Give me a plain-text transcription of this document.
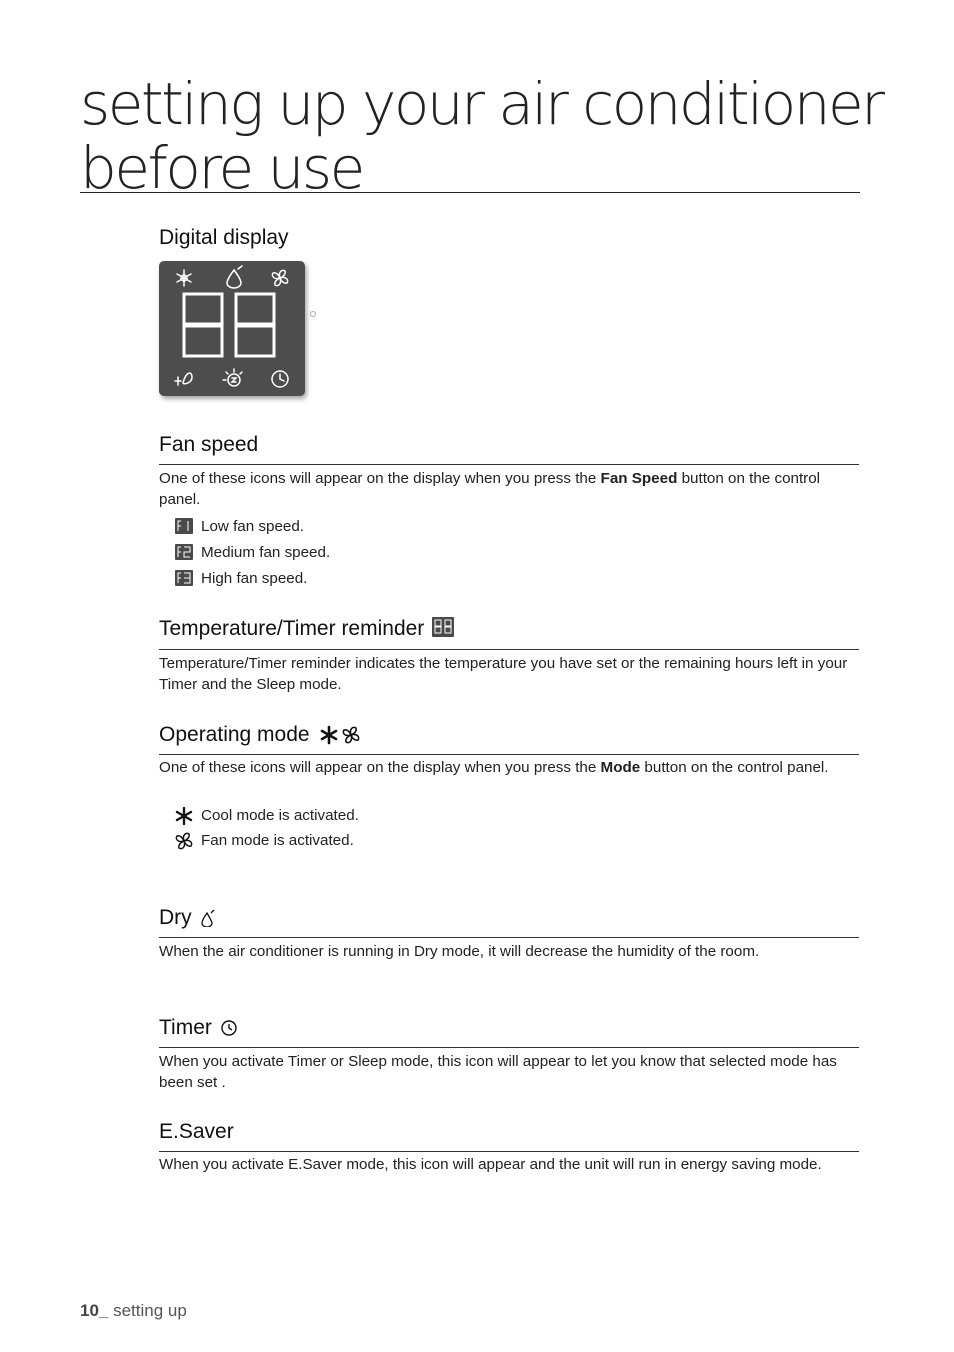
setting up your air conditioner
before use
Digital display
Fan speed
One of these icons will appear on the display when you press the Fan Speed button on the control panel.
Low fan speed.
Medium fan speed.
High fan speed.
Temperature/Timer reminder
Temperature/Timer reminder indicates the temperature you have set or the remaining hours left in your Timer and the Sleep mode.
Operating mode
One of these icons will appear on the display when you press the Mode button on the control panel.
Cool mode is activated.
Fan mode is activated.
Dry
When the air conditioner is running in Dry mode, it will decrease the humidity of the room.
Timer
When you activate Timer or Sleep mode, this icon will appear to let you know that selected mode has been set .
E.Saver
When you activate E.Saver mode, this icon will appear and the unit will run in energy saving mode.
10_ setting up
